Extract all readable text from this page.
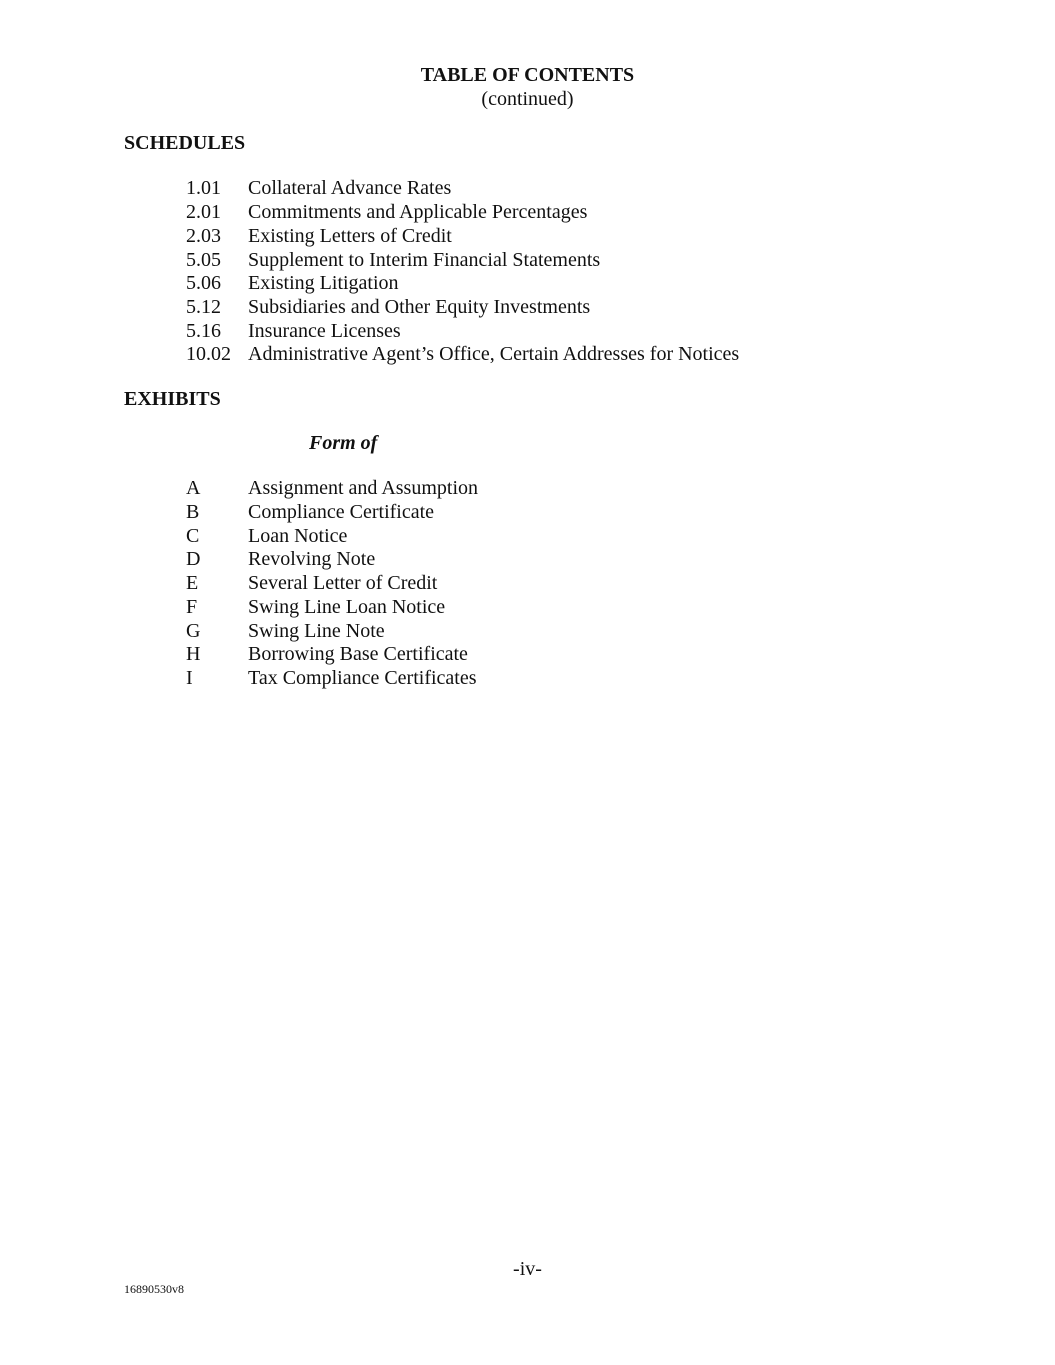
TABLE OF CONTENTS
(continued)
SCHEDULES
1.01 Collateral Advance Rates
2.01 Commitments and Applicable Percentages
2.03 Existing Letters of Credit
5.05 Supplement to Interim Financial Statements
5.06 Existing Litigation
5.12 Subsidiaries and Other Equity Investments
5.16 Insurance Licenses
10.02 Administrative Agent’s Office, Certain Addresses for Notices
EXHIBITS
Form of
A Assignment and Assumption
B Compliance Certificate
C Loan Notice
D Revolving Note
E Several Letter of Credit
F	Swing Line Loan Notice
G Swing Line Note
H Borrowing Base Certificate
I	Tax Compliance Certificates
-iv-
16890530v8
